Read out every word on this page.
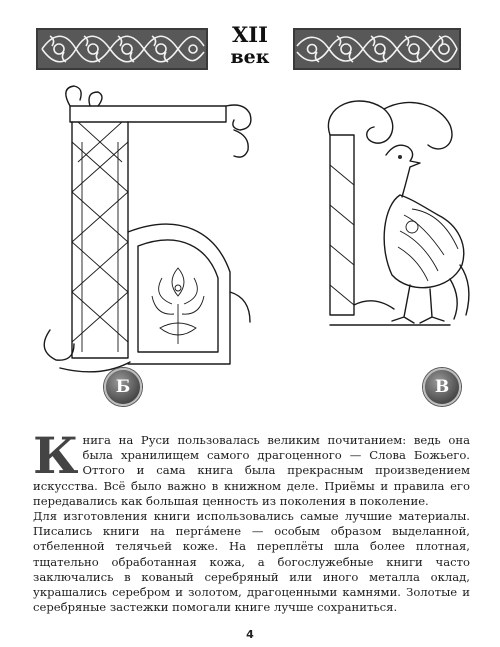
XII
век
Б	В

Книга на Руси пользовалась великим почитанием: ведь она была хранилищем самого драгоценного — Слова Божьего. Оттого и сама книга была прекрасным произведением искусства. Всё было важно в книжном деле. Приёмы и правила его передавались как большая ценность из поколения в поколение.

Для изготовления книги использовались самые лучшие материалы. Писались книги на пергáмене — особым образом выделанной, отбеленной телячьей коже. На переплёты шла более плотная, тщательно обработанная кожа, а богослужебные книги часто заключались в кованый серебряный или иного металла оклад, украшались серебром и золотом, драгоценными камнями. Золотые и серебряные застежки помогали книге лучше сохраниться.

4
